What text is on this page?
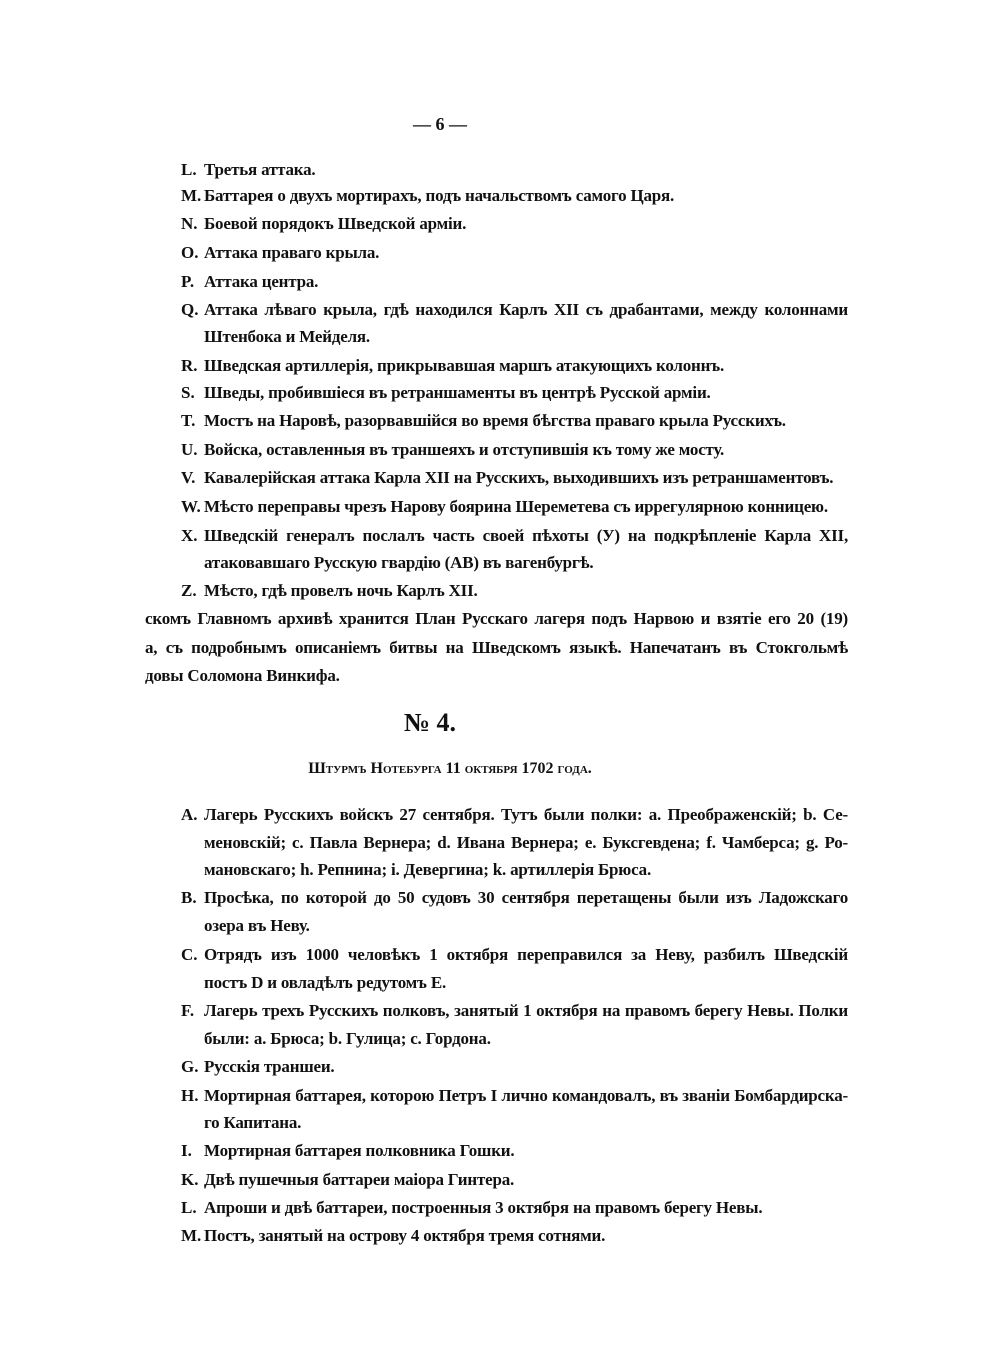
— 6 —
L. Третья аттака.
M. Баттарея о двухъ мортирахъ, подъ начальствомъ самого Царя.
N. Боевой порядокъ Шведской арміи.
O. Аттака праваго крыла.
P. Аттака центра.
Q. Аттака лѣваго крыла, гдѣ находился Карлъ XII съ драбантами, между колоннами
Штенбока и Мейделя.
R. Шведская артиллерія, прикрывавшая маршъ атакующихъ колоннъ.
S. Шведы, пробившіеся въ ретраншаменты въ центрѣ Русской арміи.
T. Мостъ на Наровѣ, разорвавшійся во время бѣгства праваго крыла Русскихъ.
U. Войска, оставленныя въ траншеяхъ и отступившія къ тому же мосту.
V. Кавалерійская аттака Карла XII на Русскихъ, выходившихъ изъ ретраншаментовъ.
W. Мѣсто переправы чрезъ Нарову боярина Шереметева съ иррегулярною конницею.
X. Шведскій генералъ послалъ часть своей пѣхоты (У) на подкрѣпленіе Карла XII,
атаковавшаго Русскую гвардію (AB) въ вагенбургѣ.
Z. Мѣсто, гдѣ провелъ ночь Карлъ XII.
скомъ Главномъ архивѣ хранится План Русскаго лагеря подъ Нарвою и взятіе его 20 (19)
а, съ подробнымъ описаніемъ битвы на Шведскомъ языкѣ. Напечатанъ въ Стокгольмѣ
довы Соломона Винкифа.
№ 4.
Штурмъ Нотебурга 11 октября 1702 года.
A. Лагерь Русскихъ войскъ 27 сентября. Тутъ были полки: a. Преображенскій; b. Се-
меновскій; c. Павла Вернера; d. Ивана Вернера; e. Буксгевдена; f. Чамберса; g. Ро-
мановскаго; h. Репнина; i. Девергина; k. артиллерія Брюса.
B. Просѣка, по которой до 50 судовъ 30 сентября перетащены были изъ Ладожскаго
озера въ Неву.
C. Отрядъ изъ 1000 человѣкъ 1 октября переправился за Неву, разбилъ Шведскій
постъ D и овладѣлъ редутомъ E.
F. Лагерь трехъ Русскихъ полковъ, занятый 1 октября на правомъ берегу Невы. Полки
были: a. Брюса; b. Гулица; c. Гордона.
G. Русскія траншеи.
H. Мортирная баттарея, которою Петръ I лично командовалъ, въ званіи Бомбардирска-
го Капитана.
I. Мортирная баттарея полковника Гошки.
K. Двѣ пушечныя баттареи маiора Гинтера.
L. Апроши и двѣ баттареи, построенныя 3 октября на правомъ берегу Невы.
M. Постъ, занятый на острову 4 октября тремя сотнями.
